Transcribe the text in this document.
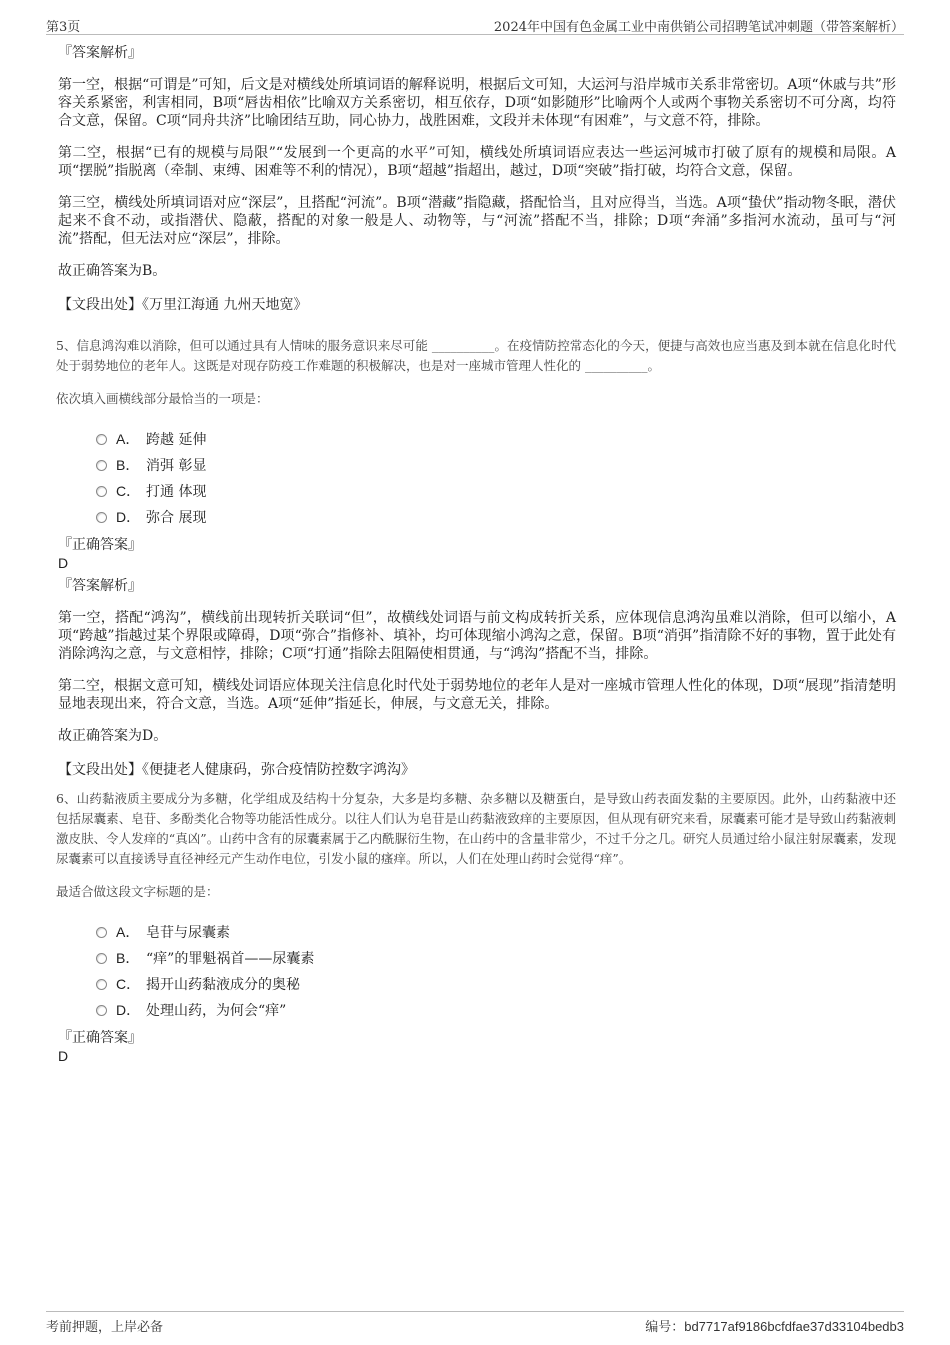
第3页	2024年中国有色金属工业中南供销公司招聘笔试冲刺题（带答案解析）
『答案解析』
第一空，根据“可谓是”可知，后文是对横线处所填词语的解释说明，根据后文可知，大运河与沿岸城市关系非常密切。A项“休戚与共”形容关系紧密，利害相同，B项“唇齿相依”比喻双方关系密切，相互依存，D项“如影随形”比喻两个人或两个事物关系密切不可分离，均符合文意，保留。C项“同舟共济”比喻团结互助，同心协力，战胜困难，文段并未体现“有困难”，与文意不符，排除。
第二空，根据“已有的规模与局限”“发展到一个更高的水平”可知，横线处所填词语应表达一些运河城市打破了原有的规模和局限。A项“摆脱”指脱离（牵制、束缚、困难等不利的情况），B项“超越”指超出，越过，D项“突破”指打破，均符合文意，保留。
第三空，横线处所填词语对应“深层”，且搭配“河流”。B项“潜藏”指隐藏，搭配恰当，且对应得当，当选。A项“蛰伏”指动物冬眠，潜伏起来不食不动，或指潜伏、隐蔽，搭配的对象一般是人、动物等，与“河流”搭配不当，排除；D项“奔涌”多指河水流动，虽可与“河流”搭配，但无法对应“深层”，排除。
故正确答案为B。
【文段出处】《万里江海通 九州天地宽》
5、信息鸿沟难以消除，但可以通过具有人情味的服务意识来尽可能 __________。在疫情防控常态化的今天，便捷与高效也应当惠及到本就在信息化时代处于弱势地位的老年人。这既是对现存防疫工作难题的积极解决，也是对一座城市管理人性化的 __________。
依次填入画横线部分最恰当的一项是：
A． 跨越 延伸
B． 消弭 彰显
C． 打通 体现
D． 弥合 展现
『正确答案』
D
『答案解析』
第一空，搭配“鸿沟”，横线前出现转折关联词“但”，故横线处词语与前文构成转折关系，应体现信息鸿沟虽难以消除，但可以缩小，A项“跨越”指越过某个界限或障碍，D项“弥合”指修补、填补，均可体现缩小鸿沟之意，保留。B项“消弭”指清除不好的事物，置于此处有消除鸿沟之意，与文意相悖，排除；C项“打通”指除去阻隔使相贯通，与“鸿沟”搭配不当，排除。
第二空，根据文意可知，横线处词语应体现关注信息化时代处于弱势地位的老年人是对一座城市管理人性化的体现，D项“展现”指清楚明显地表现出来，符合文意，当选。A项“延伸”指延长，伸展，与文意无关，排除。
故正确答案为D。
【文段出处】《便捷老人健康码，弥合疫情防控数字鸿沟》
6、山药黏液质主要成分为多糖，化学组成及结构十分复杂，大多是均多糖、杂多糖以及糖蛋白，是导致山药表面发黏的主要原因。此外，山药黏液中还包括尿囊素、皂苷、多酚类化合物等功能活性成分。以往人们认为皂苷是山药黏液致痒的主要原因，但从现有研究来看，尿囊素可能才是导致山药黏液刺激皮肤、令人发痒的“真凶”。山药中含有的尿囊素属于乙内酰脲衍生物，在山药中的含量非常少，不过千分之几。研究人员通过给小鼠注射尿囊素，发现尿囊素可以直接诱导直径神经元产生动作电位，引发小鼠的瘙痒。所以，人们在处理山药时会觉得“痒”。
最适合做这段文字标题的是：
A． 皂苷与尿囊素
B． “痒”的罪魁祸首——尿囊素
C． 揭开山药黏液成分的奥秘
D． 处理山药，为何会“痒”
『正确答案』
D
考前押题，上岸必备	编号：bd7717af9186bcfdfae37d33104bedb3
